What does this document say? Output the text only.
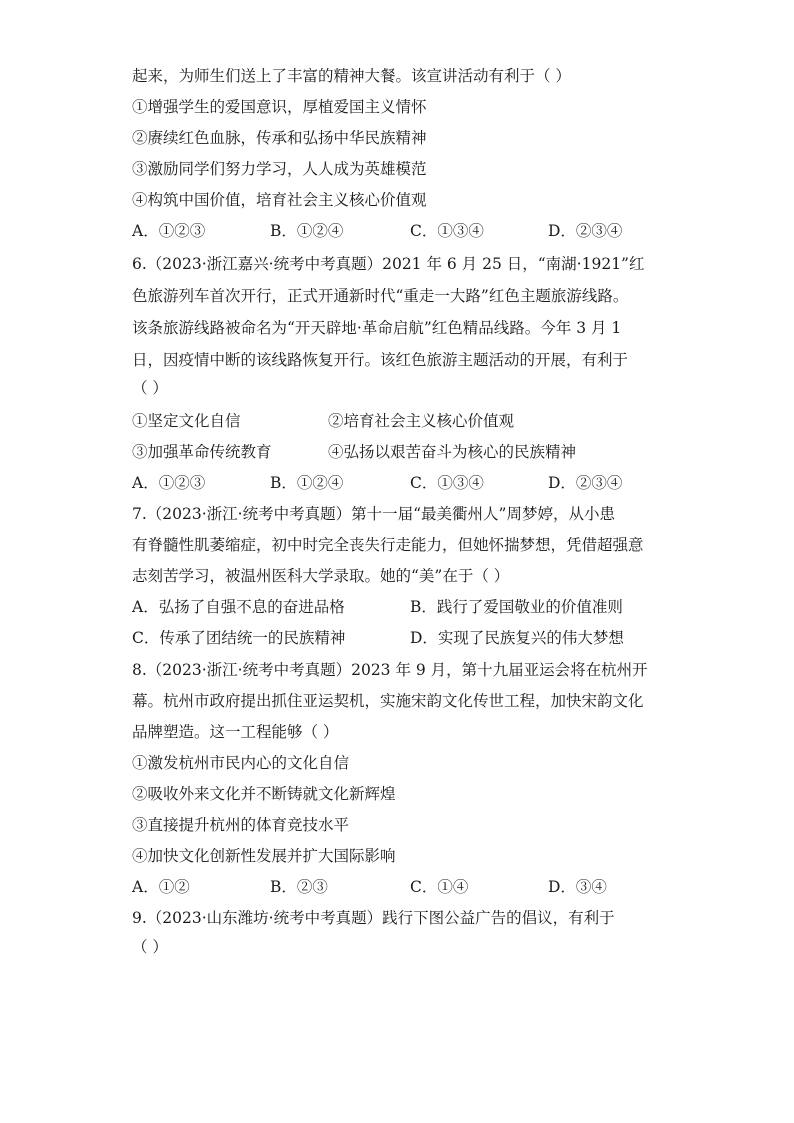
起来，为师生们送上了丰富的精神大餐。该宣讲活动有利于（ ）
①增强学生的爱国意识，厚植爱国主义情怀
②赓续红色血脉，传承和弘扬中华民族精神
③激励同学们努力学习，人人成为英雄模范
④构筑中国价值，培育社会主义核心价值观
A．①②③	B．①②④	C．①③④	D．②③④
6.（2023·浙江嘉兴·统考中考真题）2021 年 6 月 25 日，“南湖·1921”红
色旅游列车首次开行，正式开通新时代“重走一大路”红色主题旅游线路。
该条旅游线路被命名为“开天辟地·革命启航”红色精品线路。今年 3 月 1
日，因疫情中断的该线路恢复开行。该红色旅游主题活动的开展，有利于
（ ）
①坚定文化自信	②培育社会主义核心价值观
③加强革命传统教育	④弘扬以艰苦奋斗为核心的民族精神
A．①②③	B．①②④	C．①③④	D．②③④
7.（2023·浙江·统考中考真题）第十一届“最美衢州人”周梦婷，从小患
有脊髓性肌萎缩症，初中时完全丧失行走能力，但她怀揣梦想，凭借超强意
志刻苦学习，被温州医科大学录取。她的“美”在于（ ）
A．弘扬了自强不息的奋进品格	B．践行了爱国敬业的价值准则
C．传承了团结统一的民族精神	D．实现了民族复兴的伟大梦想
8.（2023·浙江·统考中考真题）2023 年 9 月，第十九届亚运会将在杭州开
幕。杭州市政府提出抓住亚运契机，实施宋韵文化传世工程，加快宋韵文化
品牌塑造。这一工程能够（ ）
①激发杭州市民内心的文化自信
②吸收外来文化并不断铸就文化新辉煌
③直接提升杭州的体育竞技水平
④加快文化创新性发展并扩大国际影响
A．①②	B．②③	C．①④	D．③④
9.（2023·山东潍坊·统考中考真题）践行下图公益广告的倡议，有利于
（ ）
